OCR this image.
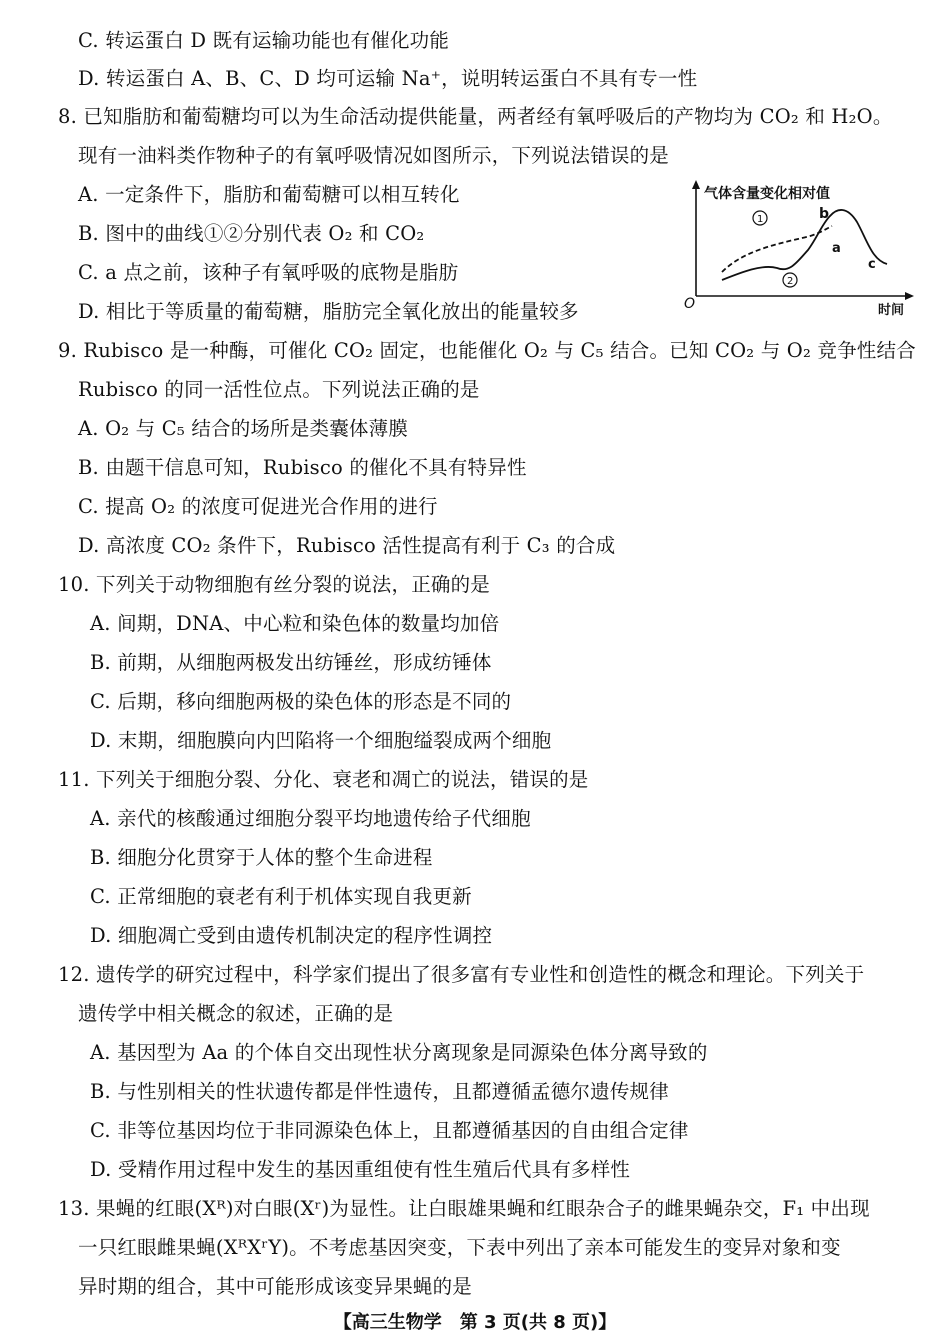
C. 转运蛋白 D 既有运输功能也有催化功能
D. 转运蛋白 A、B、C、D 均可运输 Na⁺，说明转运蛋白不具有专一性
8. 已知脂肪和葡萄糖均可以为生命活动提供能量，两者经有氧呼吸后的产物均为 CO₂ 和 H₂O。
现有一油料类作物种子的有氧呼吸情况如图所示，下列说法错误的是
A. 一定条件下，脂肪和葡萄糖可以相互转化
B. 图中的曲线①②分别代表 O₂ 和 CO₂
C. a 点之前，该种子有氧呼吸的底物是脂肪
D. 相比于等质量的葡萄糖，脂肪完全氧化放出的能量较多
气体含量变化相对值
O	时间
1
2
a
b
c
9. Rubisco 是一种酶，可催化 CO₂ 固定，也能催化 O₂ 与 C₅ 结合。已知 CO₂ 与 O₂ 竞争性结合
Rubisco 的同一活性位点。下列说法正确的是
A. O₂ 与 C₅ 结合的场所是类囊体薄膜
B. 由题干信息可知，Rubisco 的催化不具有特异性
C. 提高 O₂ 的浓度可促进光合作用的进行
D. 高浓度 CO₂ 条件下，Rubisco 活性提高有利于 C₃ 的合成
10. 下列关于动物细胞有丝分裂的说法，正确的是
A. 间期，DNA、中心粒和染色体的数量均加倍
B. 前期，从细胞两极发出纺锤丝，形成纺锤体
C. 后期，移向细胞两极的染色体的形态是不同的
D. 末期，细胞膜向内凹陷将一个细胞缢裂成两个细胞
11. 下列关于细胞分裂、分化、衰老和凋亡的说法，错误的是
A. 亲代的核酸通过细胞分裂平均地遗传给子代细胞
B. 细胞分化贯穿于人体的整个生命进程
C. 正常细胞的衰老有利于机体实现自我更新
D. 细胞凋亡受到由遗传机制决定的程序性调控
12. 遗传学的研究过程中，科学家们提出了很多富有专业性和创造性的概念和理论。下列关于
遗传学中相关概念的叙述，正确的是
A. 基因型为 Aa 的个体自交出现性状分离现象是同源染色体分离导致的
B. 与性别相关的性状遗传都是伴性遗传，且都遵循孟德尔遗传规律
C. 非等位基因均位于非同源染色体上，且都遵循基因的自由组合定律
D. 受精作用过程中发生的基因重组使有性生殖后代具有多样性
13. 果蝇的红眼(Xᴿ)对白眼(Xʳ)为显性。让白眼雄果蝇和红眼杂合子的雌果蝇杂交，F₁ 中出现
一只红眼雌果蝇(XᴿXʳY)。不考虑基因突变，下表中列出了亲本可能发生的变异对象和变
异时期的组合，其中可能形成该变异果蝇的是
【高三生物学　第 3 页(共 8 页)】
